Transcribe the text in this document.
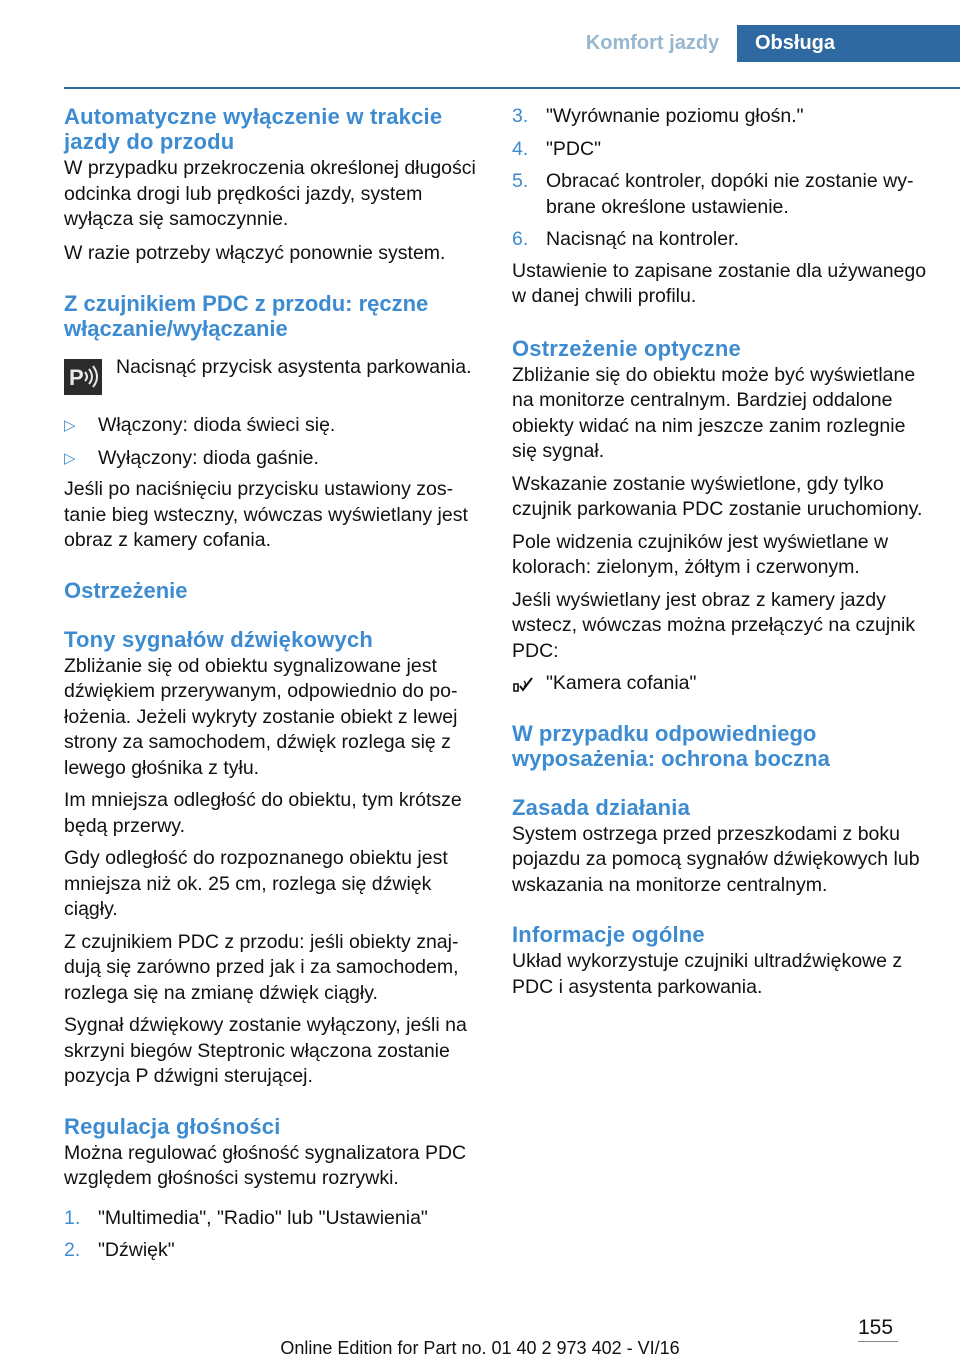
Komfort jazdy	Obsługa
Automatyczne wyłączenie w trakcie jazdy do przodu
W przypadku przekroczenia określonej długości odcinka drogi lub prędkości jazdy, system wyłącza się samoczynnie.
W razie potrzeby włączyć ponownie system.
Z czujnikiem PDC z przodu: ręczne włączanie/wyłączanie
P Nacisnąć przycisk asystenta parkowania.
▷ Włączony: dioda świeci się.
▷ Wyłączony: dioda gaśnie.
Jeśli po naciśnięciu przycisku ustawiony zostanie bieg wsteczny, wówczas wyświetlany jest obraz z kamery cofania.
Ostrzeżenie
Tony sygnałów dźwiękowych
Zbliżanie się od obiektu sygnalizowane jest dźwiękiem przerywanym, odpowiednio do położenia. Jeżeli wykryty zostanie obiekt z lewej strony za samochodem, dźwięk rozlega się z lewego głośnika z tyłu.
Im mniejsza odległość do obiektu, tym krótsze będą przerwy.
Gdy odległość do rozpoznanego obiektu jest mniejsza niż ok. 25 cm, rozlega się dźwięk ciągły.
Z czujnikiem PDC z przodu: jeśli obiekty znajdują się zarówno przed jak i za samochodem, rozlega się na zmianę dźwięk ciągły.
Sygnał dźwiękowy zostanie wyłączony, jeśli na skrzyni biegów Steptronic włączona zostanie pozycja P dźwigni sterującej.
Regulacja głośności
Można regulować głośność sygnalizatora PDC względem głośności systemu rozrywki.
1. "Multimedia", "Radio" lub "Ustawienia"
2. "Dźwięk"
3. "Wyrównanie poziomu głośn."
4. "PDC"
5. Obracać kontroler, dopóki nie zostanie wybrane określone ustawienie.
6. Nacisnąć na kontroler.
Ustawienie to zapisane zostanie dla używanego w danej chwili profilu.
Ostrzeżenie optyczne
Zbliżanie się do obiektu może być wyświetlane na monitorze centralnym. Bardziej oddalone obiekty widać na nim jeszcze zanim rozlegnie się sygnał.
Wskazanie zostanie wyświetlone, gdy tylko czujnik parkowania PDC zostanie uruchomiony.
Pole widzenia czujników jest wyświetlane w kolorach: zielonym, żółtym i czerwonym.
Jeśli wyświetlany jest obraz z kamery jazdy wstecz, wówczas można przełączyć na czujnik PDC:
"Kamera cofania"
W przypadku odpowiedniego wyposażenia: ochrona boczna
Zasada działania
System ostrzega przed przeszkodami z boku pojazdu za pomocą sygnałów dźwiękowych lub wskazania na monitorze centralnym.
Informacje ogólne
Układ wykorzystuje czujniki ultradźwiękowe z PDC i asystenta parkowania.
155
Online Edition for Part no. 01 40 2 973 402 - VI/16
